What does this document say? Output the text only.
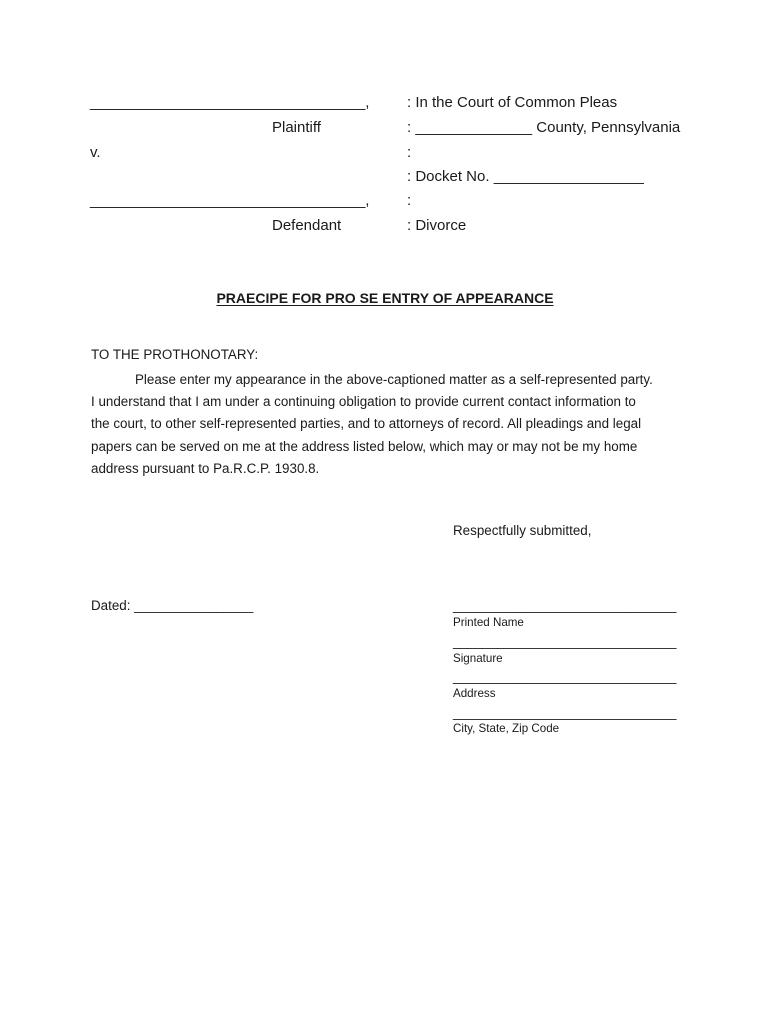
_________________________________,
Plaintiff
v.
_________________________________,
Defendant
: In the Court of Common Pleas
: ______________ County, Pennsylvania
:
: Docket No. __________________
:
: Divorce
PRAECIPE FOR PRO SE ENTRY OF APPEARANCE
TO THE PROTHONOTARY:
Please enter my appearance in the above-captioned matter as a self-represented party.
I understand that I am under a continuing obligation to provide current contact information to
the court, to other self-represented parties, and to attorneys of record. All pleadings and legal
papers can be served on me at the address listed below, which may or may not be my home
address pursuant to Pa.R.C.P. 1930.8.
Respectfully submitted,
Dated: ________________	______________________________
Printed Name
______________________________
Signature
______________________________
Address
______________________________
City, State, Zip Code
